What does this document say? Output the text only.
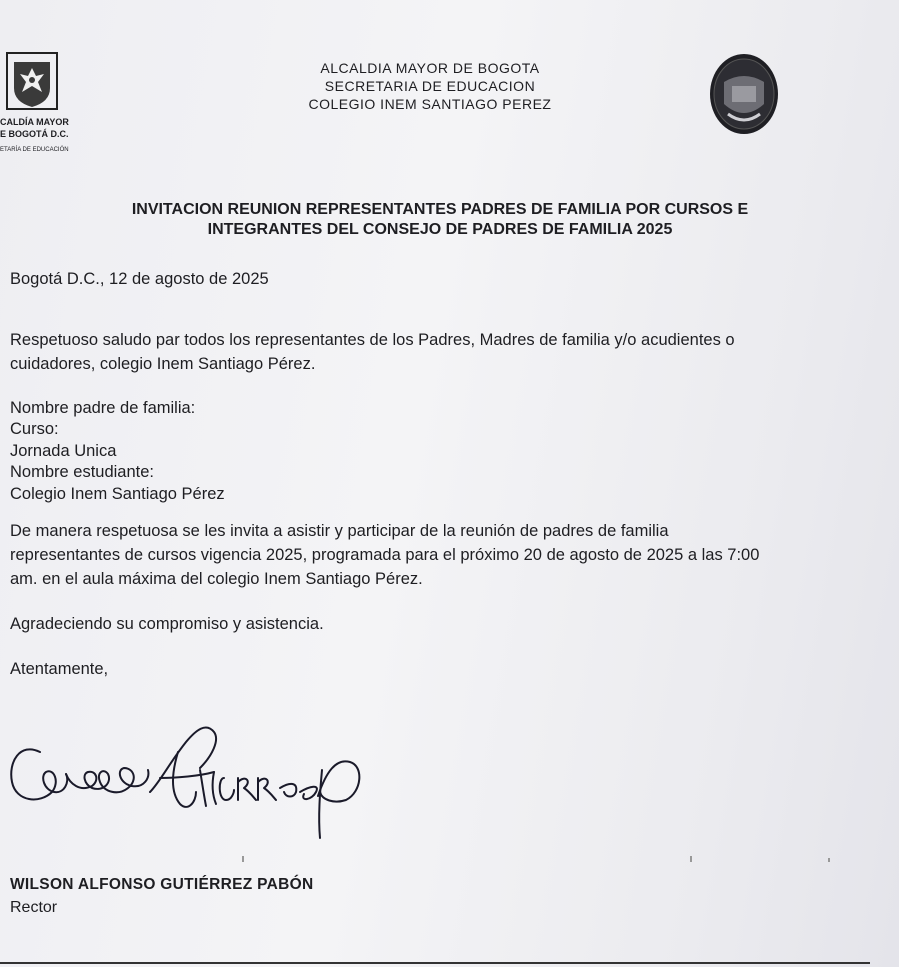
CALDÍA MAYOR
E BOGOTÁ D.C.
ETARÍA DE EDUCACIÓN
ALCALDIA MAYOR DE BOGOTA
SECRETARIA DE EDUCACION
COLEGIO INEM SANTIAGO PEREZ
INVITACION REUNION REPRESENTANTES PADRES DE FAMILIA POR CURSOS E
INTEGRANTES DEL CONSEJO DE PADRES DE FAMILIA 2025
Bogotá D.C., 12 de agosto de 2025
Respetuoso saludo par todos los representantes de los Padres, Madres de familia y/o acudientes o
cuidadores, colegio Inem Santiago Pérez.
Nombre padre de familia:
Curso:
Jornada Unica
Nombre estudiante:
Colegio Inem Santiago Pérez
De manera respetuosa se les invita a asistir y participar de la reunión de padres de familia
representantes de cursos vigencia 2025, programada para el próximo 20 de agosto de 2025 a las 7:00
am. en el aula máxima del colegio Inem Santiago Pérez.
Agradeciendo su compromiso y asistencia.
Atentamente,
WILSON ALFONSO GUTIÉRREZ PABÓN
Rector
